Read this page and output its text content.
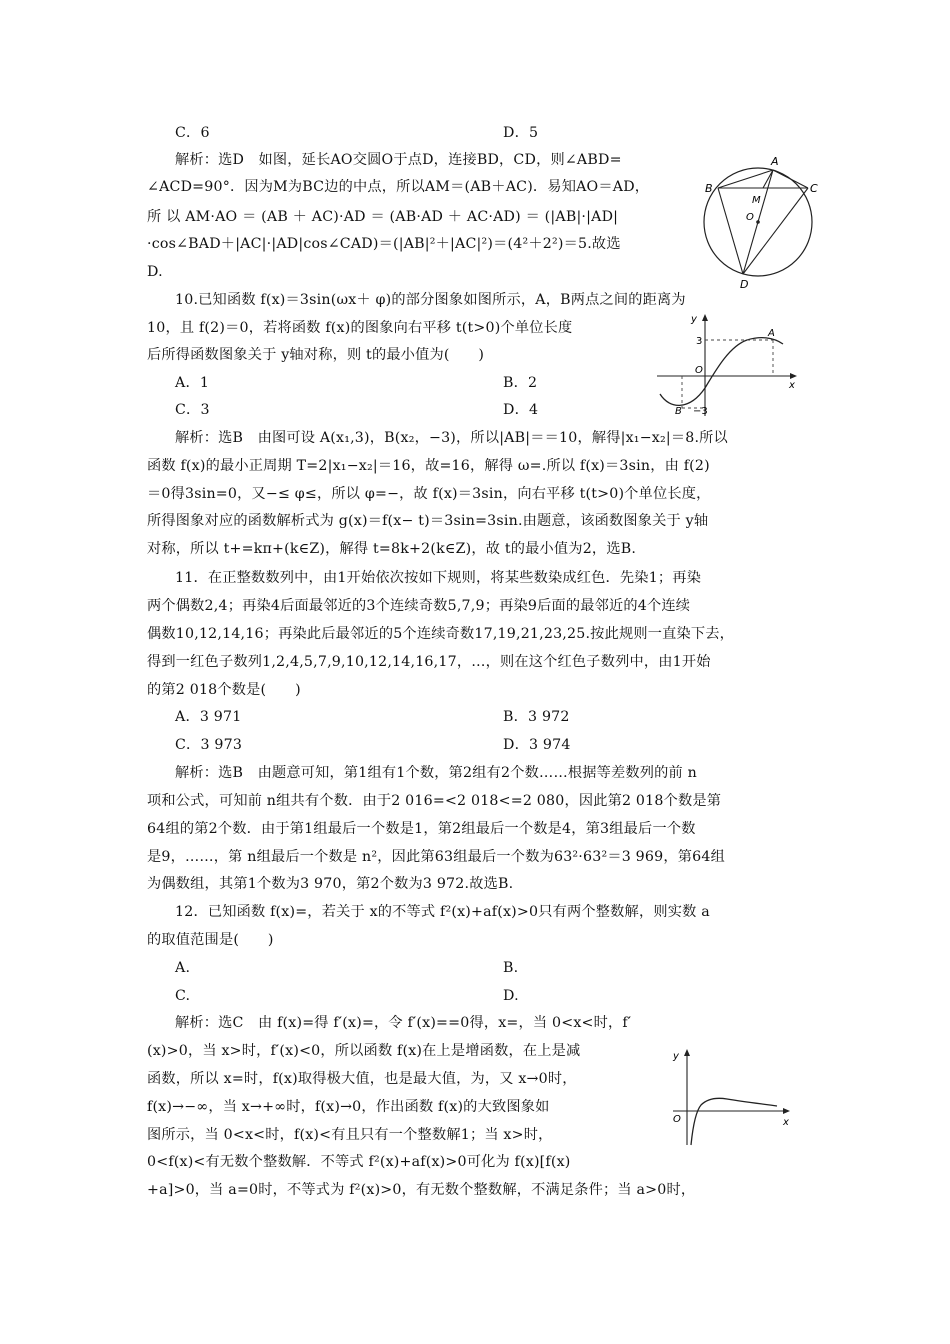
C．6	D．5
解析：选D　如图，延长AO交圆O于点D，连接BD，CD，则∠ABD=
∠ACD=90°．因为M为BC边的中点，所以AM＝(AB＋AC)．易知AO＝AD，
所 以 AM·AO ＝ (AB ＋ AC)·AD ＝ (AB·AD ＋ AC·AD) ＝ (|AB|·|AD|
·cos∠BAD＋|AC|·|AD|cos∠CAD)＝(|AB|²＋|AC|²)＝(4²＋2²)＝5.故选
D.
A
B	C
M
O
D
10.已知函数 f(x)＝3sin(ωx＋ φ)的部分图象如图所示，A，B两点之间的距离为
10，且 f(2)＝0，若将函数 f(x)的图象向右平移 t(t>0)个单位长度
后所得函数图象关于 y轴对称，则 t的最小值为(　　)
y
3
A
O
x
B −3
A．1	B．2
C．3	D．4
解析：选B　由图可设 A(x₁,3)，B(x₂，−3)，所以|AB|＝＝10，解得|x₁−x₂|＝8.所以
函数 f(x)的最小正周期 T=2|x₁−x₂|＝16，故=16，解得 ω=.所以 f(x)＝3sin，由 f(2)
＝0得3sin=0，又−≤ φ≤，所以 φ=−，故 f(x)＝3sin，向右平移 t(t>0)个单位长度，
所得图象对应的函数解析式为 g(x)＝f(x− t)＝3sin=3sin.由题意，该函数图象关于 y轴
对称，所以 t+=kπ+(k∈Z)，解得 t=8k+2(k∈Z)，故 t的最小值为2，选B.
11．在正整数数列中，由1开始依次按如下规则，将某些数染成红色．先染1；再染
两个偶数2,4；再染4后面最邻近的3个连续奇数5,7,9；再染9后面的最邻近的4个连续
偶数10,12,14,16；再染此后最邻近的5个连续奇数17,19,21,23,25.按此规则一直染下去，
得到一红色子数列1,2,4,5,7,9,10,12,14,16,17，…，则在这个红色子数列中，由1开始
的第2 018个数是(　　)
A．3 971	B．3 972
C．3 973	D．3 974
解析：选B　由题意可知，第1组有1个数，第2组有2个数……根据等差数列的前 n
项和公式，可知前 n组共有个数．由于2 016=<2 018<=2 080，因此第2 018个数是第
64组的第2个数．由于第1组最后一个数是1，第2组最后一个数是4，第3组最后一个数
是9，……，第 n组最后一个数是 n²，因此第63组最后一个数为63²·63²＝3 969，第64组
为偶数组，其第1个数为3 970，第2个数为3 972.故选B.
12．已知函数 f(x)=，若关于 x的不等式 f²(x)+af(x)>0只有两个整数解，则实数 a
的取值范围是(　　)
A.	B.
C.	D.
解析：选C　由 f(x)=得 f′(x)=，令 f′(x)==0得，x=，当 0<x<时，f′
(x)>0，当 x>时，f′(x)<0，所以函数 f(x)在上是增函数，在上是减
函数，所以 x=时，f(x)取得极大值，也是最大值，为，又 x→0时，
f(x)→−∞，当 x→+∞时，f(x)→0，作出函数 f(x)的大致图象如
图所示，当 0<x<时，f(x)<有且只有一个整数解1；当 x>时，
0<f(x)<有无数个整数解．不等式 f²(x)+af(x)>0可化为 f(x)[f(x)
+a]>0，当 a=0时，不等式为 f²(x)>0，有无数个整数解，不满足条件；当 a>0时，
y
O	x
